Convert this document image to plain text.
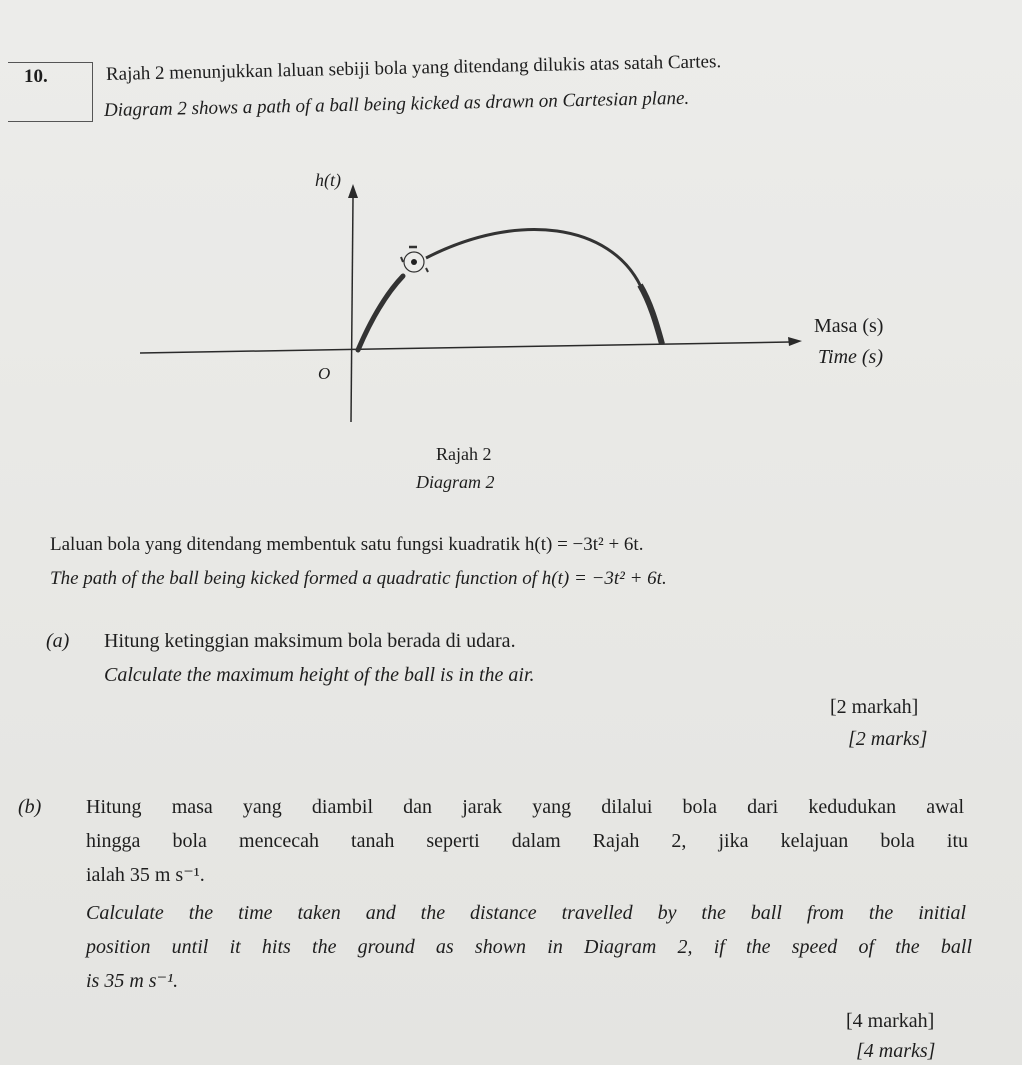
10.	Rajah 2 menunjukkan laluan sebiji bola yang ditendang dilukis atas satah Cartes.
Diagram 2 shows a path of a ball being kicked as drawn on Cartesian plane.
h(t)
Masa (s)
Time (s)
O
Rajah 2
Diagram 2
Laluan bola yang ditendang membentuk satu fungsi kuadratik h(t) = −3t² + 6t.
The path of the ball being kicked formed a quadratic function of h(t) = −3t² + 6t.
(a) Hitung ketinggian maksimum bola berada di udara.
Calculate the maximum height of the ball is in the air.
[2 markah]
[2 marks]
(b) Hitung masa yang diambil dan jarak yang dilalui bola dari kedudukan awal
hingga bola mencecah tanah seperti dalam Rajah 2, jika kelajuan bola itu
ialah 35 m s⁻¹.
Calculate the time taken and the distance travelled by the ball from the initial
position until it hits the ground as shown in Diagram 2, if the speed of the ball
is 35 m s⁻¹.
[4 markah]
[4 marks]
